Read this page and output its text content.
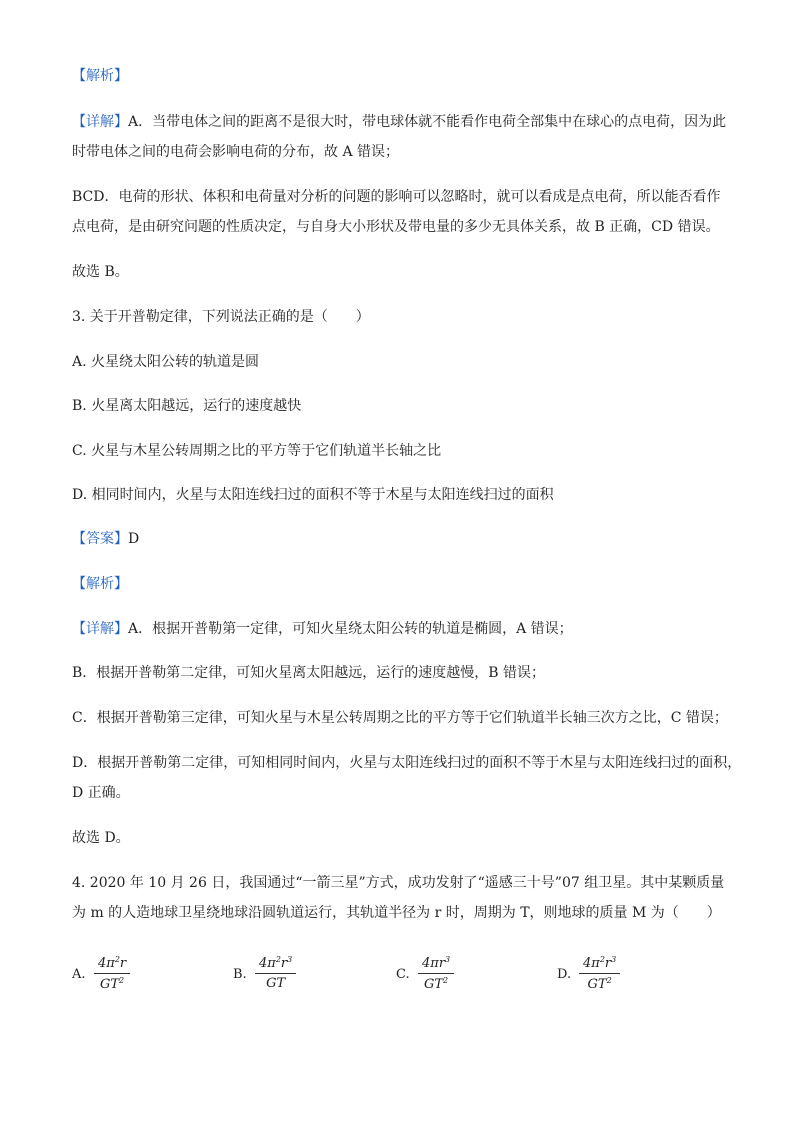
【解析】
【详解】A．当带电体之间的距离不是很大时，带电球体就不能看作电荷全部集中在球心的点电荷，因为此
时带电体之间的电荷会影响电荷的分布，故 A 错误；
BCD．电荷的形状、体积和电荷量对分析的问题的影响可以忽略时，就可以看成是点电荷，所以能否看作
点电荷，是由研究问题的性质决定，与自身大小形状及带电量的多少无具体关系，故 B 正确，CD 错误。
故选 B。
3. 关于开普勒定律，下列说法正确的是（　　）
A. 火星绕太阳公转的轨道是圆
B. 火星离太阳越远，运行的速度越快
C. 火星与木星公转周期之比的平方等于它们轨道半长轴之比
D. 相同时间内，火星与太阳连线扫过的面积不等于木星与太阳连线扫过的面积
【答案】D
【解析】
【详解】A．根据开普勒第一定律，可知火星绕太阳公转的轨道是椭圆，A 错误；
B．根据开普勒第二定律，可知火星离太阳越远，运行的速度越慢，B 错误；
C．根据开普勒第三定律，可知火星与木星公转周期之比的平方等于它们轨道半长轴三次方之比，C 错误；
D．根据开普勒第二定律，可知相同时间内，火星与太阳连线扫过的面积不等于木星与太阳连线扫过的面积，
D 正确。
故选 D。
4. 2020 年 10 月 26 日，我国通过“一箭三星”方式，成功发射了“遥感三十号”07 组卫星。其中某颗质量
为 m 的人造地球卫星绕地球沿圆轨道运行，其轨道半径为 r 时，周期为 T，则地球的质量 M 为（　　）
A. $\frac{4\pi^2r}{GT^2}$	B. $\frac{4\pi^2r^3}{GT}$	C. $\frac{4\pi r^3}{GT^2}$	D. $\frac{4\pi^2r^3}{GT^2}$
